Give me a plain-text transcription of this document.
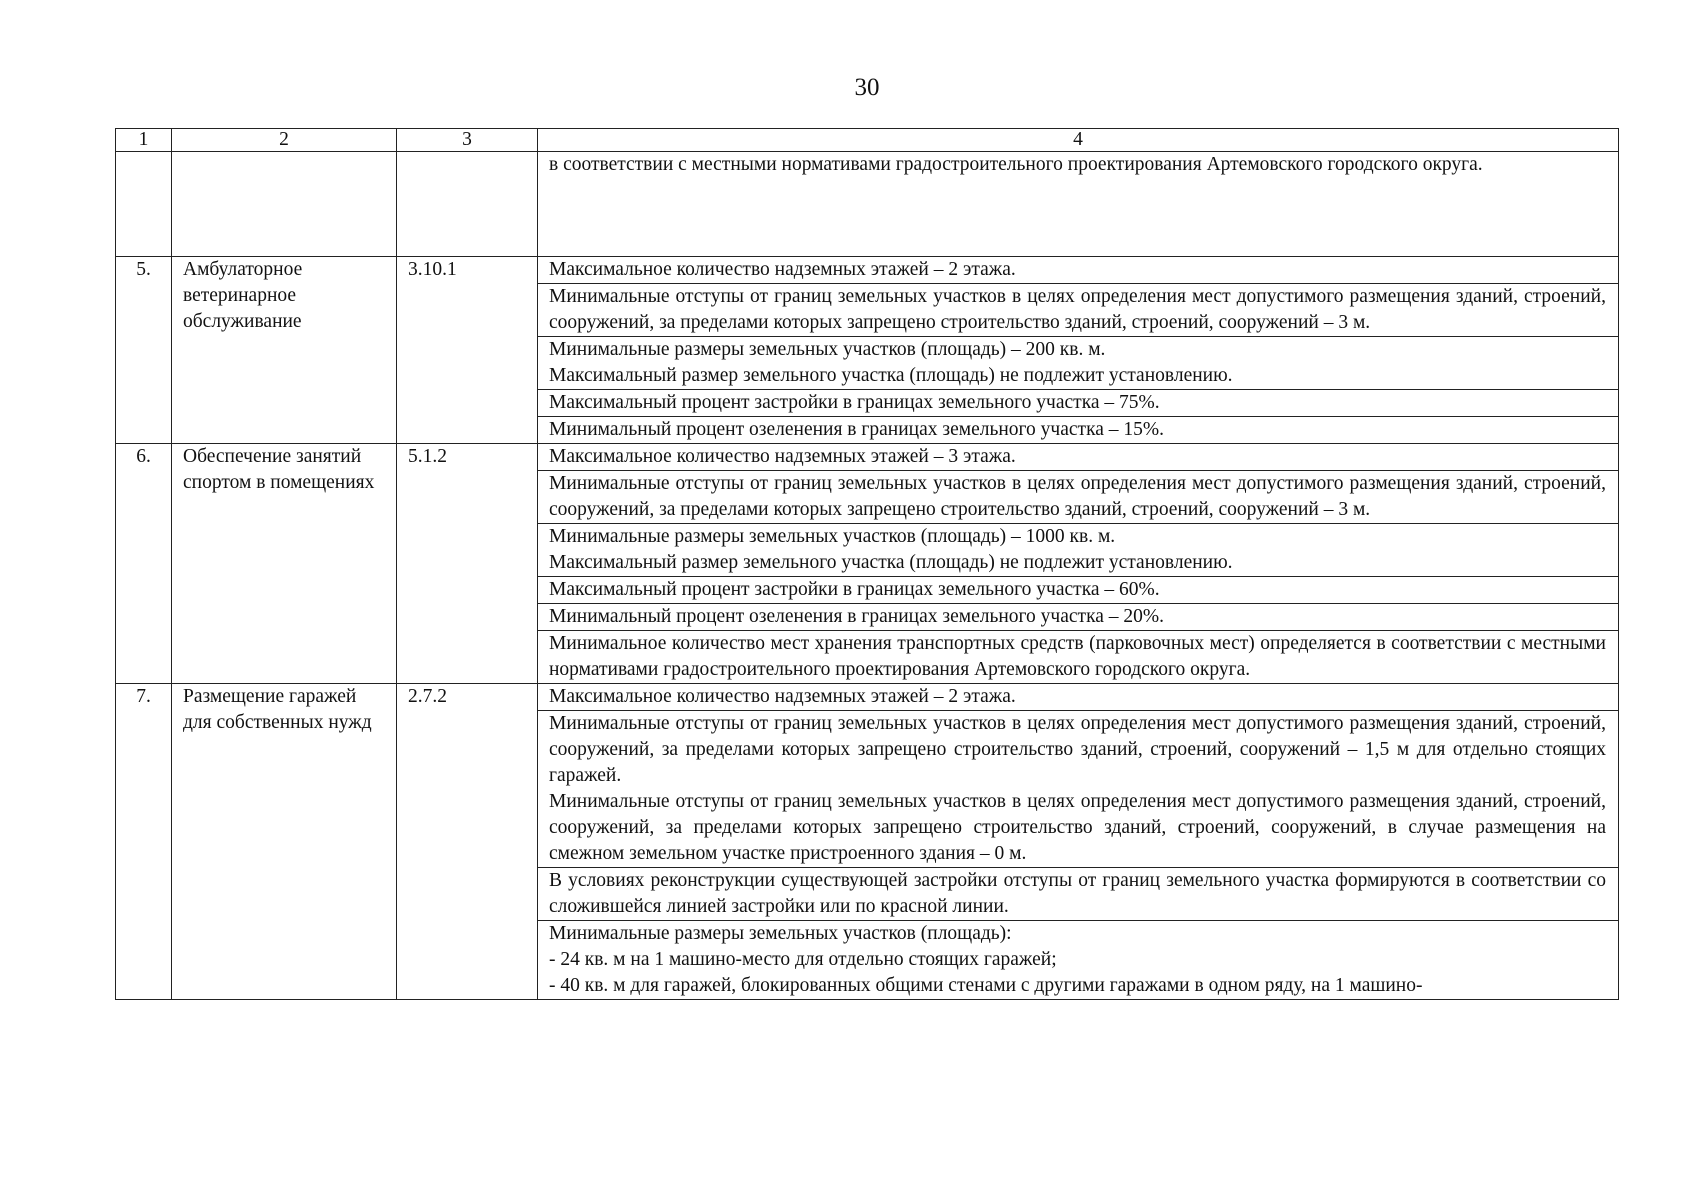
30
1	2	3	4
			в соответствии с местными нормативами градостроительного проектирования Артемовского городского округа.
5.	Амбулаторное ветеринарное обслуживание	3.10.1	Максимальное количество надземных этажей – 2 этажа.

			Минимальные отступы от границ земельных участков в целях определения мест допустимого размещения зданий, строений, сооружений, за пределами которых запрещено строительство зданий, строений, сооружений – 3 м.

			Минимальные размеры земельных участков (площадь) – 200 кв. м.
Максимальный размер земельного участка (площадь) не подлежит установлению.

			Максимальный процент застройки в границах земельного участка – 75%.

			Минимальный процент озеленения в границах земельного участка – 15%.

6.	Обеспечение занятий спортом в помещениях	5.1.2	Максимальное количество надземных этажей – 3 этажа.

			Минимальные отступы от границ земельных участков в целях определения мест допустимого размещения зданий, строений, сооружений, за пределами которых запрещено строительство зданий, строений, сооружений – 3 м.

			Минимальные размеры земельных участков (площадь) – 1000 кв. м.
Максимальный размер земельного участка (площадь) не подлежит установлению.

			Максимальный процент застройки в границах земельного участка – 60%.

			Минимальный процент озеленения в границах земельного участка – 20%.

			Минимальное количество мест хранения транспортных средств (парковочных мест) определяется в соответствии с местными нормативами градостроительного проектирования Артемовского городского округа.

7.	Размещение гаражей для собственных нужд	2.7.2	Максимальное количество надземных этажей – 2 этажа.

			Минимальные отступы от границ земельных участков в целях определения мест допустимого размещения зданий, строений, сооружений, за пределами которых запрещено строительство зданий, строений, сооружений – 1,5 м для отдельно стоящих гаражей.
Минимальные отступы от границ земельных участков в целях определения мест допустимого размещения зданий, строений, сооружений, за пределами которых запрещено строительство зданий, строений, сооружений, в случае размещения на смежном земельном участке пристроенного здания – 0 м.

			В условиях реконструкции существующей застройки отступы от границ земельного участка формируются в соответствии со сложившейся линией застройки или по красной линии.

			Минимальные размеры земельных участков (площадь):
- 24 кв. м на 1 машино-место для отдельно стоящих гаражей;
- 40 кв. м для гаражей, блокированных общими стенами с другими гаражами в одном ряду, на 1 машино-
